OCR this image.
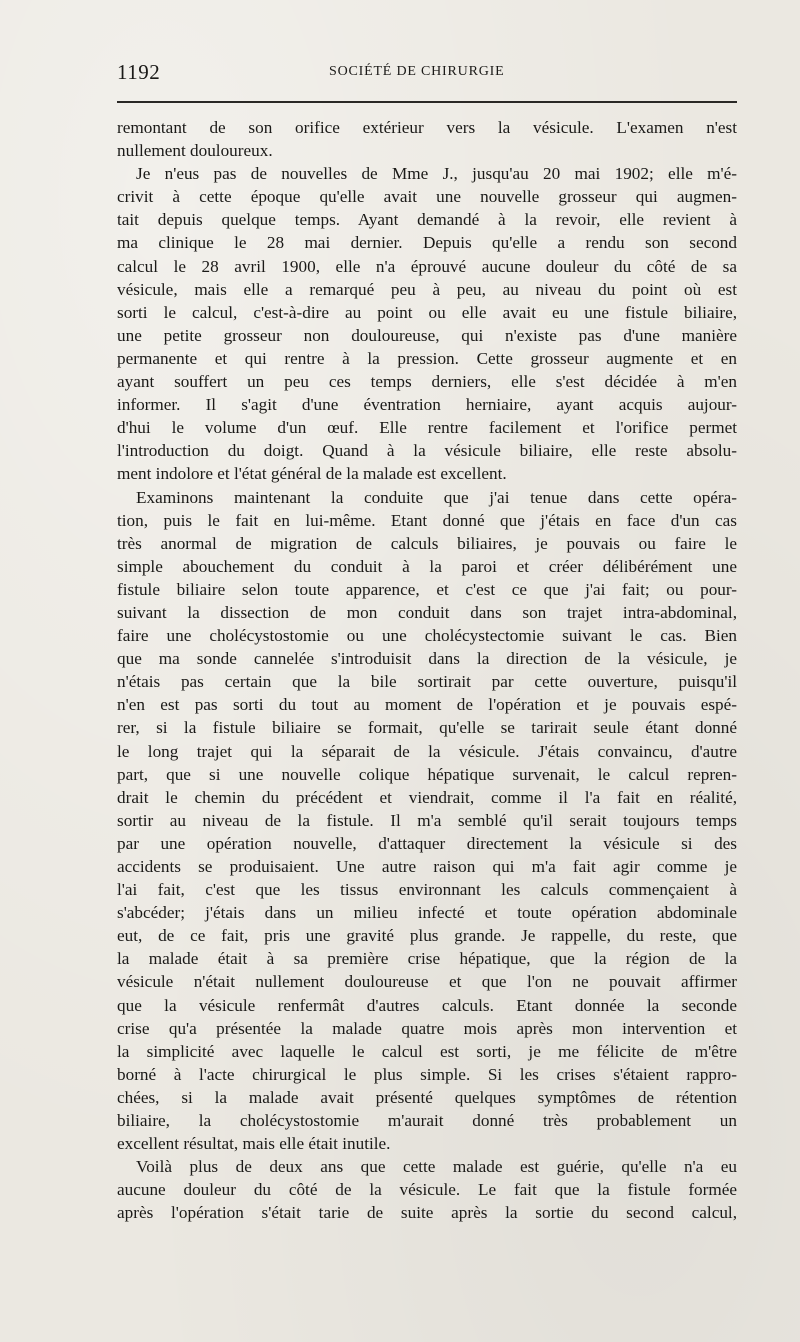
1192	SOCIÉTÉ DE CHIRURGIE
remontant de son orifice extérieur vers la vésicule. L'examen n'est
nullement douloureux.
Je n'eus pas de nouvelles de Mme J., jusqu'au 20 mai 1902; elle m'é-
crivit à cette époque qu'elle avait une nouvelle grosseur qui augmen-
tait depuis quelque temps. Ayant demandé à la revoir, elle revient à
ma clinique le 28 mai dernier. Depuis qu'elle a rendu son second
calcul le 28 avril 1900, elle n'a éprouvé aucune douleur du côté de sa
vésicule, mais elle a remarqué peu à peu, au niveau du point où est
sorti le calcul, c'est-à-dire au point ou elle avait eu une fistule biliaire,
une petite grosseur non douloureuse, qui n'existe pas d'une manière
permanente et qui rentre à la pression. Cette grosseur augmente et en
ayant souffert un peu ces temps derniers, elle s'est décidée à m'en
informer. Il s'agit d'une éventration herniaire, ayant acquis aujour-
d'hui le volume d'un œuf. Elle rentre facilement et l'orifice permet
l'introduction du doigt. Quand à la vésicule biliaire, elle reste absolu-
ment indolore et l'état général de la malade est excellent.
Examinons maintenant la conduite que j'ai tenue dans cette opéra-
tion, puis le fait en lui-même. Etant donné que j'étais en face d'un cas
très anormal de migration de calculs biliaires, je pouvais ou faire le
simple abouchement du conduit à la paroi et créer délibérément une
fistule biliaire selon toute apparence, et c'est ce que j'ai fait; ou pour-
suivant la dissection de mon conduit dans son trajet intra-abdominal,
faire une cholécystostomie ou une cholécystectomie suivant le cas. Bien
que ma sonde cannelée s'introduisit dans la direction de la vésicule, je
n'étais pas certain que la bile sortirait par cette ouverture, puisqu'il
n'en est pas sorti du tout au moment de l'opération et je pouvais espé-
rer, si la fistule biliaire se formait, qu'elle se tarirait seule étant donné
le long trajet qui la séparait de la vésicule. J'étais convaincu, d'autre
part, que si une nouvelle colique hépatique survenait, le calcul repren-
drait le chemin du précédent et viendrait, comme il l'a fait en réalité,
sortir au niveau de la fistule. Il m'a semblé qu'il serait toujours temps
par une opération nouvelle, d'attaquer directement la vésicule si des
accidents se produisaient. Une autre raison qui m'a fait agir comme je
l'ai fait, c'est que les tissus environnant les calculs commençaient à
s'abcéder; j'étais dans un milieu infecté et toute opération abdominale
eut, de ce fait, pris une gravité plus grande. Je rappelle, du reste, que
la malade était à sa première crise hépatique, que la région de la
vésicule n'était nullement douloureuse et que l'on ne pouvait affirmer
que la vésicule renfermât d'autres calculs. Etant donnée la seconde
crise qu'a présentée la malade quatre mois après mon intervention et
la simplicité avec laquelle le calcul est sorti, je me félicite de m'être
borné à l'acte chirurgical le plus simple. Si les crises s'étaient rappro-
chées, si la malade avait présenté quelques symptômes de rétention
biliaire, la cholécystostomie m'aurait donné très probablement un
excellent résultat, mais elle était inutile.
Voilà plus de deux ans que cette malade est guérie, qu'elle n'a eu
aucune douleur du côté de la vésicule. Le fait que la fistule formée
après l'opération s'était tarie de suite après la sortie du second calcul,
